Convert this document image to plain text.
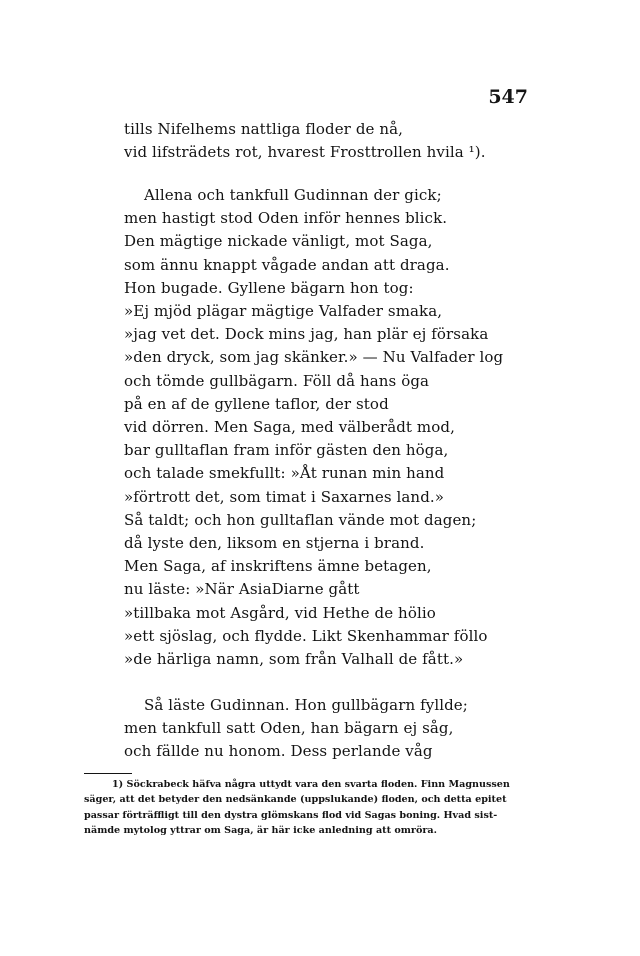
547
tills Nifelhems nattliga floder de nå,
vid lifsträdets rot, hvarest Frosttrollen hvila ¹).
Allena och tankfull Gudinnan der gick;
men hastigt stod Oden inför hennes blick.
Den mägtige nickade vänligt, mot Saga,
som ännu knappt vågade andan att draga.
Hon bugade. Gyllene bägarn hon tog:
»Ej mjöd plägar mägtige Valfader smaka,
»jag vet det. Dock mins jag, han plär ej försaka
»den dryck, som jag skänker.» — Nu Valfader log
och tömde gullbägarn. Föll då hans öga
på en af de gyllene taflor, der stod
vid dörren. Men Saga, med välberådt mod,
bar gulltaflan fram inför gästen den höga,
och talade smekfullt: »Åt runan min hand
»förtrott det, som timat i Saxarnes land.»
Så taldt; och hon gulltaflan vände mot dagen;
då lyste den, liksom en stjerna i brand.
Men Saga, af inskriftens ämne betagen,
nu läste: »När AsiaDiarne gått
»tillbaka mot Asgård, vid Hethe de hölio
»ett sjöslag, och flydde. Likt Skenhammar föllo
»de härliga namn, som från Valhall de fått.»
Så läste Gudinnan. Hon gullbägarn fyllde;
men tankfull satt Oden, han bägarn ej såg,
och fällde nu honom. Dess perlande våg
1) Söckrabeck häfva några uttydt vara den svarta floden. Finn Magnussen
säger, att det betyder den nedsänkande (uppslukande) floden, och detta epitet
passar förträffligt till den dystra glömskans flod vid Sagas boning. Hvad sist-
nämde mytolog yttrar om Saga, är här icke anledning att omröra.
